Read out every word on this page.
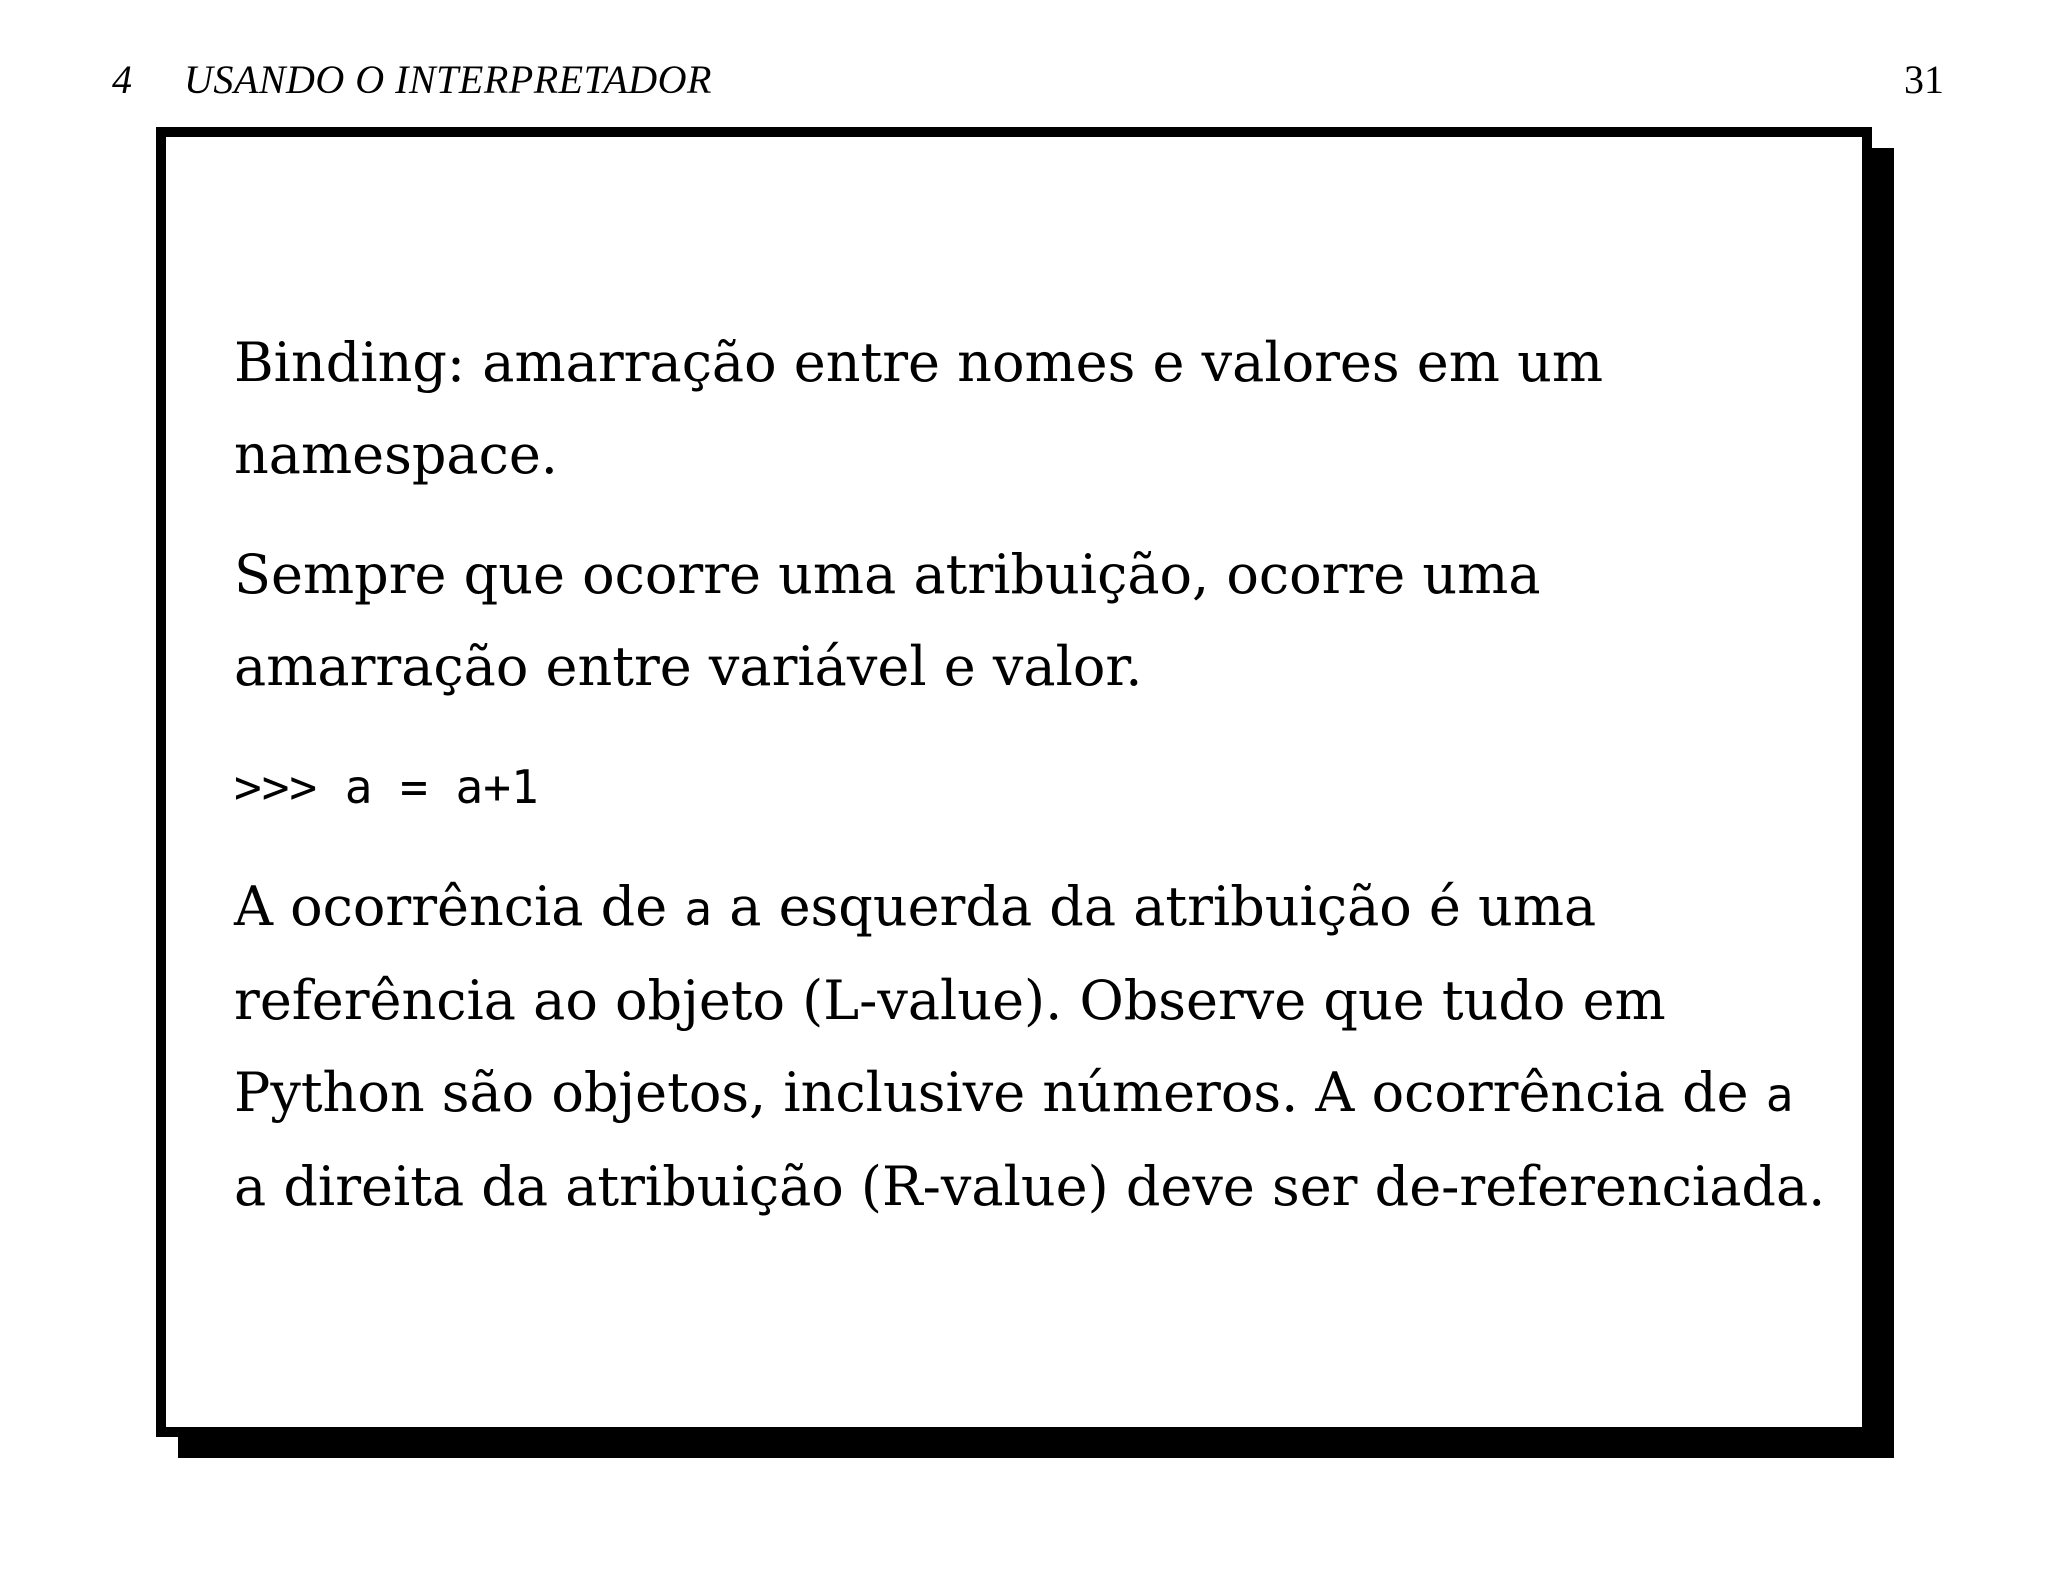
4 USANDO O INTERPRETADOR	31

Binding: amarração entre nomes e valores em um
namespace.

Sempre que ocorre uma atribuição, ocorre uma
amarração entre variável e valor.

>>> a = a+1

A ocorrência de a a esquerda da atribuição é uma
referência ao objeto (L-value). Observe que tudo em
Python são objetos, inclusive números. A ocorrência de a
a direita da atribuição (R-value) deve ser de-referenciada.
